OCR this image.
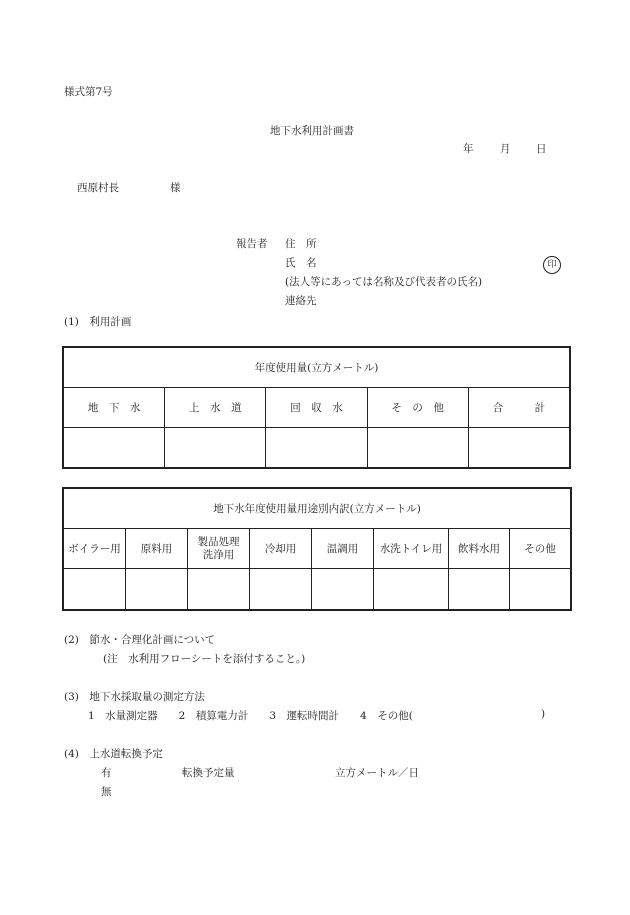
様式第7号
地下水利用計画書
年	月 日
西原村長	様
報告者 住　所
氏　名	印
(法人等にあっては名称及び代表者の氏名)
連絡先
(1)　利用計画
年度使用量(立方メートル)				
地　下　水	上　水　道	回　収　水	そ　の　他	合　　　計

地下水年度使用量用途別内訳(立方メートル)							
ボイラー用	原料用	製品処理
洗浄用	冷却用	温調用	水洗トイレ用	飲料水用	その他

(2)　節水・合理化計画について
(注　水利用フローシートを添付すること。)
(3)　地下水採取量の測定方法
1　水量測定器　　2　積算電力計　　3　運転時間計　　4　その他(	)
(4)　上水道転換予定
有	転換予定量	立方メートル／日
無
